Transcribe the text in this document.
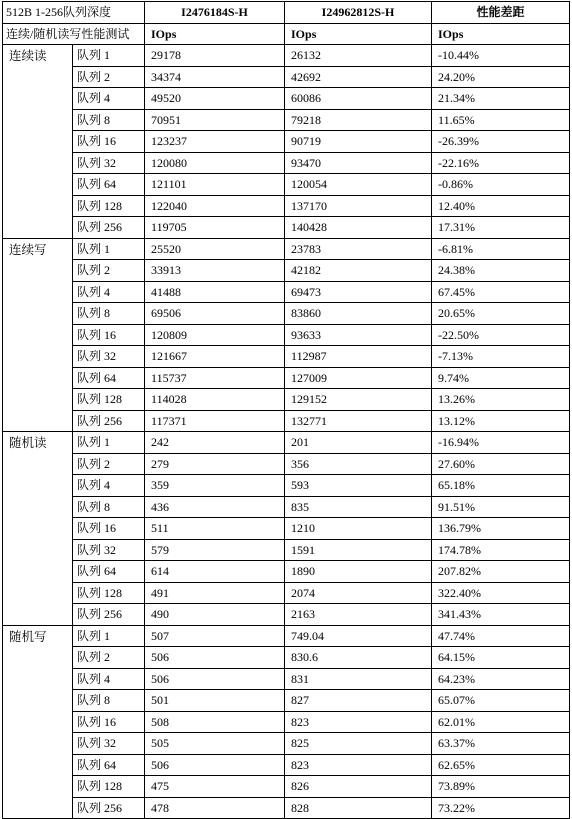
512B 1-256队列深度		I2476184S-H	I24962812S-H	性能差距
连续/随机读写性能测试		IOps	IOps	IOps
连续读	队列 1	29178	26132	-10.44%
	队列 2	34374	42692	24.20%
	队列 4	49520	60086	21.34%
	队列 8	70951	79218	11.65%
	队列 16	123237	90719	-26.39%
	队列 32	120080	93470	-22.16%
	队列 64	121101	120054	-0.86%
	队列 128	122040	137170	12.40%
	队列 256	119705	140428	17.31%
连续写	队列 1	25520	23783	-6.81%
	队列 2	33913	42182	24.38%
	队列 4	41488	69473	67.45%
	队列 8	69506	83860	20.65%
	队列 16	120809	93633	-22.50%
	队列 32	121667	112987	-7.13%
	队列 64	115737	127009	9.74%
	队列 128	114028	129152	13.26%
	队列 256	117371	132771	13.12%
随机读	队列 1	242	201	-16.94%
	队列 2	279	356	27.60%
	队列 4	359	593	65.18%
	队列 8	436	835	91.51%
	队列 16	511	1210	136.79%
	队列 32	579	1591	174.78%
	队列 64	614	1890	207.82%
	队列 128	491	2074	322.40%
	队列 256	490	2163	341.43%
随机写	队列 1	507	749.04	47.74%
	队列 2	506	830.6	64.15%
	队列 4	506	831	64.23%
	队列 8	501	827	65.07%
	队列 16	508	823	62.01%
	队列 32	505	825	63.37%
	队列 64	506	823	62.65%
	队列 128	475	826	73.89%
	队列 256	478	828	73.22%
